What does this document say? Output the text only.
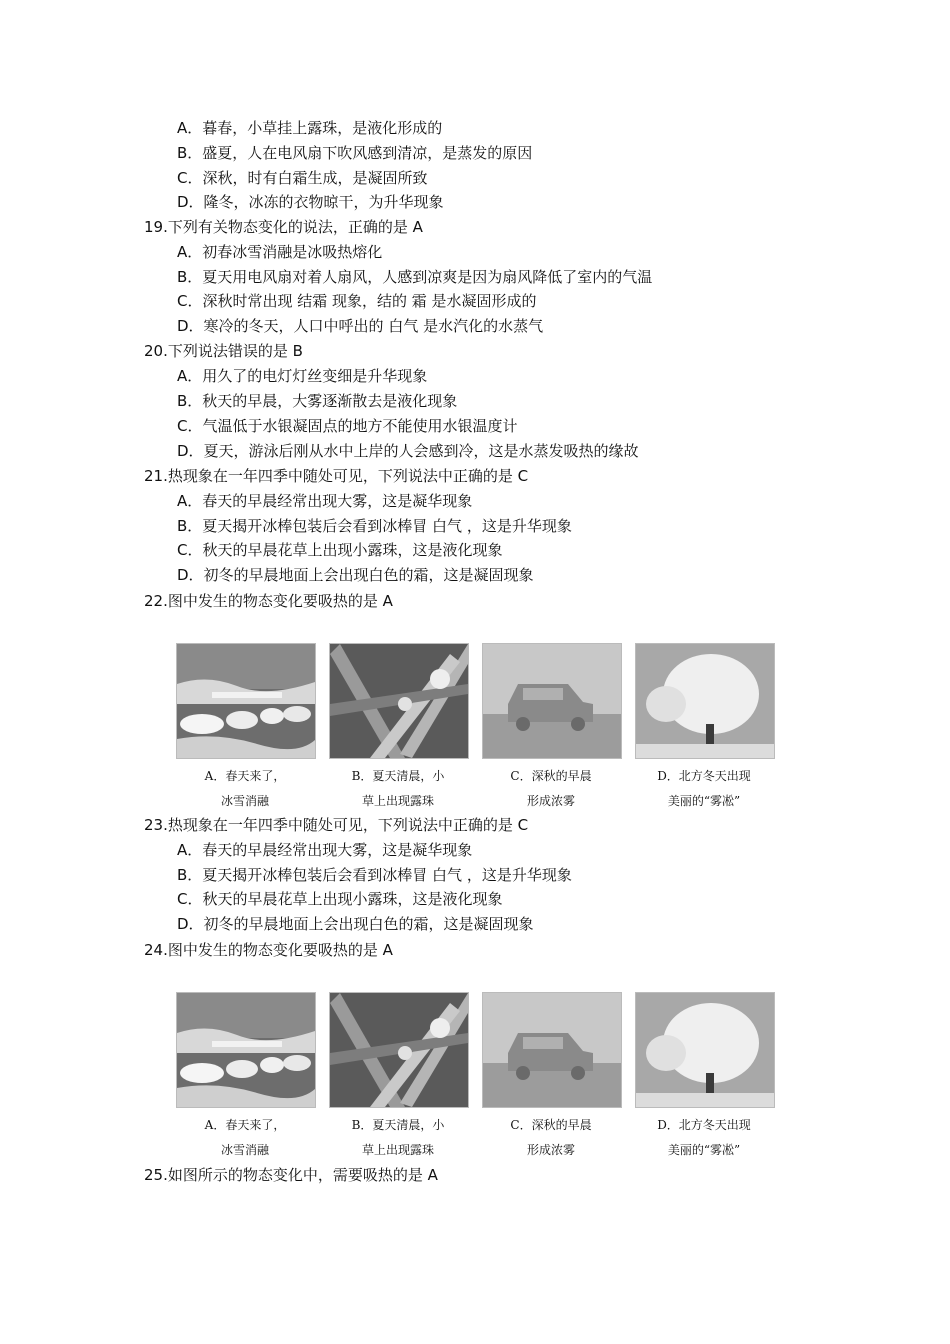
A．暮春，小草挂上露珠，是液化形成的
B．盛夏，人在电风扇下吹风感到清凉，是蒸发的原因
C．深秋，时有白霜生成，是凝固所致
D．隆冬，冰冻的衣物晾干，为升华现象
19.下列有关物态变化的说法，正确的是 A
A．初春冰雪消融是冰吸热熔化
B．夏天用电风扇对着人扇风，人感到凉爽是因为扇风降低了室内的气温
C．深秋时常出现 结霜 现象，结的 霜 是水凝固形成的
D．寒冷的冬天，人口中呼出的 白气 是水汽化的水蒸气
20.下列说法错误的是 B
A．用久了的电灯灯丝变细是升华现象
B．秋天的早晨，大雾逐渐散去是液化现象
C．气温低于水银凝固点的地方不能使用水银温度计
D．夏天，游泳后刚从水中上岸的人会感到冷，这是水蒸发吸热的缘故
21.热现象在一年四季中随处可见，下列说法中正确的是 C
A．春天的早晨经常出现大雾，这是凝华现象
B．夏天揭开冰棒包装后会看到冰棒冒 白气 ，这是升华现象
C．秋天的早晨花草上出现小露珠，这是液化现象
D．初冬的早晨地面上会出现白色的霜，这是凝固现象
22.图中发生的物态变化要吸热的是 A
A．春天来了，
冰雪消融
B．夏天清晨，小
草上出现露珠
C．深秋的早晨
形成浓雾
D．北方冬天出现
美丽的“雾凇”
23.热现象在一年四季中随处可见，下列说法中正确的是 C
A．春天的早晨经常出现大雾，这是凝华现象
B．夏天揭开冰棒包装后会看到冰棒冒 白气 ，这是升华现象
C．秋天的早晨花草上出现小露珠，这是液化现象
D．初冬的早晨地面上会出现白色的霜，这是凝固现象
24.图中发生的物态变化要吸热的是 A
A．春天来了，
冰雪消融
B．夏天清晨，小
草上出现露珠
C．深秋的早晨
形成浓雾
D．北方冬天出现
美丽的“雾凇”
25.如图所示的物态变化中，需要吸热的是 A
